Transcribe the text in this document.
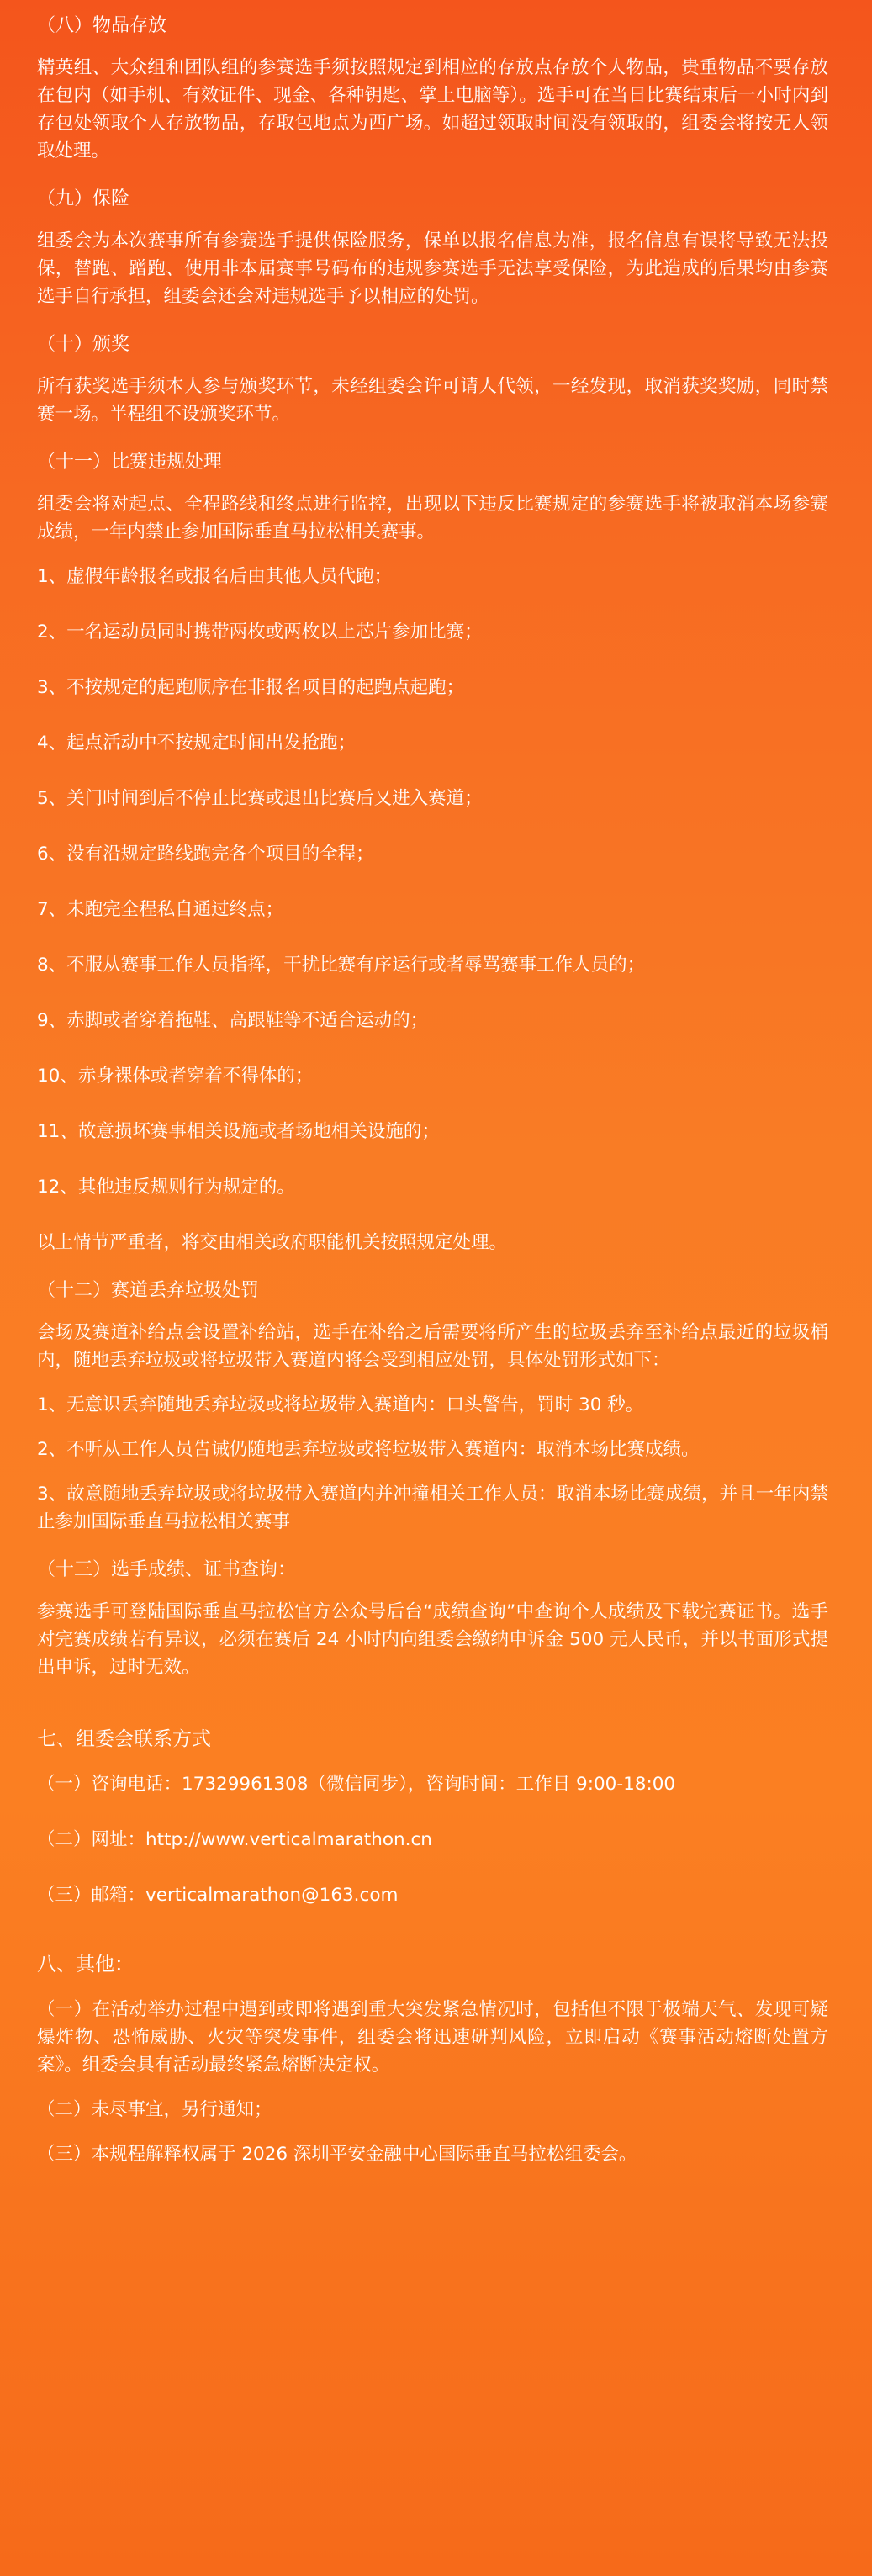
（八）物品存放

精英组、大众组和团队组的参赛选手须按照规定到相应的存放点存放个人物品，贵重物品不要存放在包内（如手机、有效证件、现金、各种钥匙、掌上电脑等）。选手可在当日比赛结束后一小时内到存包处领取个人存放物品，存取包地点为西广场。如超过领取时间没有领取的，组委会将按无人领取处理。

（九）保险

组委会为本次赛事所有参赛选手提供保险服务，保单以报名信息为准，报名信息有误将导致无法投保，替跑、蹭跑、使用非本届赛事号码布的违规参赛选手无法享受保险，为此造成的后果均由参赛选手自行承担，组委会还会对违规选手予以相应的处罚。

（十）颁奖

所有获奖选手须本人参与颁奖环节，未经组委会许可请人代领，一经发现，取消获奖奖励，同时禁赛一场。半程组不设颁奖环节。

（十一）比赛违规处理

组委会将对起点、全程路线和终点进行监控，出现以下违反比赛规定的参赛选手将被取消本场参赛成绩，一年内禁止参加国际垂直马拉松相关赛事。

1、虚假年龄报名或报名后由其他人员代跑；

2、一名运动员同时携带两枚或两枚以上芯片参加比赛；

3、不按规定的起跑顺序在非报名项目的起跑点起跑；

4、起点活动中不按规定时间出发抢跑；

5、关门时间到后不停止比赛或退出比赛后又进入赛道；

6、没有沿规定路线跑完各个项目的全程；

7、未跑完全程私自通过终点；

8、不服从赛事工作人员指挥，干扰比赛有序运行或者辱骂赛事工作人员的；

9、赤脚或者穿着拖鞋、高跟鞋等不适合运动的；

10、赤身裸体或者穿着不得体的；

11、故意损坏赛事相关设施或者场地相关设施的；

12、其他违反规则行为规定的。

以上情节严重者，将交由相关政府职能机关按照规定处理。

（十二）赛道丢弃垃圾处罚

会场及赛道补给点会设置补给站，选手在补给之后需要将所产生的垃圾丢弃至补给点最近的垃圾桶内，随地丢弃垃圾或将垃圾带入赛道内将会受到相应处罚，具体处罚形式如下：

1、无意识丢弃随地丢弃垃圾或将垃圾带入赛道内：口头警告，罚时 30 秒。

2、不听从工作人员告诫仍随地丢弃垃圾或将垃圾带入赛道内：取消本场比赛成绩。

3、故意随地丢弃垃圾或将垃圾带入赛道内并冲撞相关工作人员：取消本场比赛成绩，并且一年内禁止参加国际垂直马拉松相关赛事

（十三）选手成绩、证书查询：

参赛选手可登陆国际垂直马拉松官方公众号后台“成绩查询”中查询个人成绩及下载完赛证书。选手对完赛成绩若有异议，必须在赛后 24 小时内向组委会缴纳申诉金 500 元人民币，并以书面形式提出申诉，过时无效。

七、组委会联系方式

（一）咨询电话：17329961308（微信同步），咨询时间：工作日 9:00-18:00

（二）网址：http://www.verticalmarathon.cn

（三）邮箱：verticalmarathon@163.com

八、其他：

（一）在活动举办过程中遇到或即将遇到重大突发紧急情况时，包括但不限于极端天气、发现可疑爆炸物、恐怖威胁、火灾等突发事件，组委会将迅速研判风险，立即启动《赛事活动熔断处置方案》。组委会具有活动最终紧急熔断决定权。

（二）未尽事宜，另行通知；

（三）本规程解释权属于 2026 深圳平安金融中心国际垂直马拉松组委会。
